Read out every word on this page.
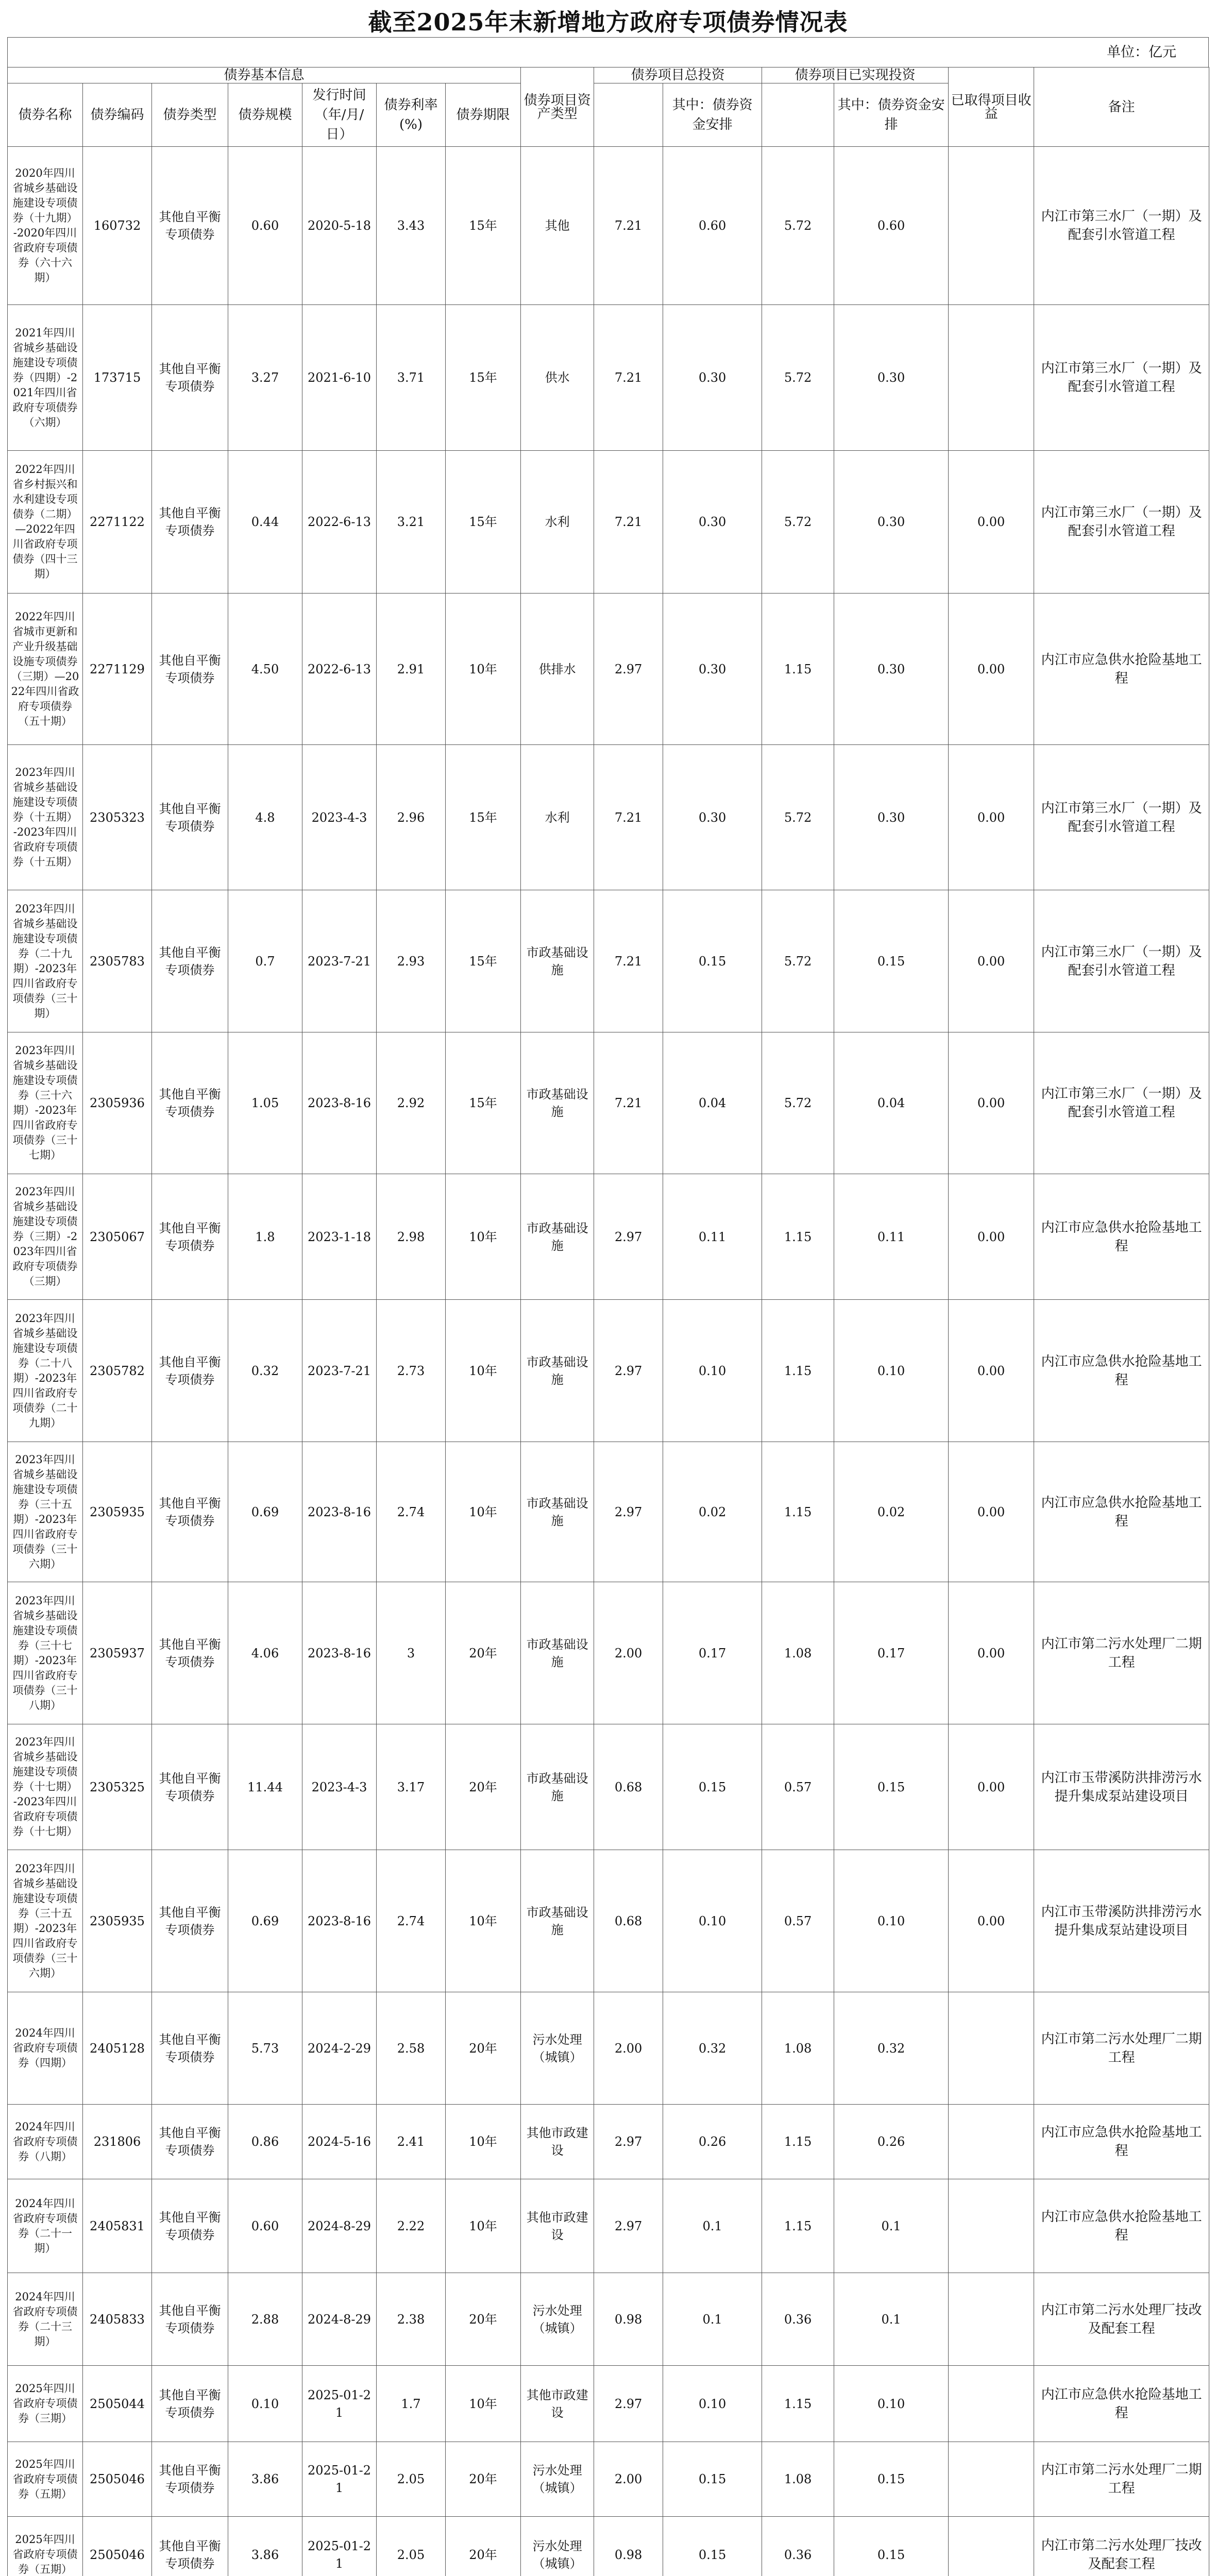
截至2025年末新增地方政府专项债券情况表
单位：亿元
债券基本信息							债券项目资产类型	债券项目总投资		债券项目已实现投资		已取得项目收益	备注
债券名称	债券编码	债券类型	债券规模	发行时间（年/月/日）	债券利率(%)	债券期限			其中：债券资金安排		其中：债券资金安排		
2020年四川省城乡基础设施建设专项债券（十九期）-2020年四川省政府专项债券（六十六期）	160732	其他自平衡专项债券	0.60	2020-5-18	3.43	15年	其他	7.21	0.60	5.72	0.60		内江市第三水厂（一期）及配套引水管道工程
2021年四川省城乡基础设施建设专项债券（四期）-2021年四川省政府专项债券（六期）	173715	其他自平衡专项债券	3.27	2021-6-10	3.71	15年	供水	7.21	0.30	5.72	0.30		内江市第三水厂（一期）及配套引水管道工程
2022年四川省乡村振兴和水利建设专项债券（二期）—2022年四川省政府专项债券（四十三期）	2271122	其他自平衡专项债券	0.44	2022-6-13	3.21	15年	水利	7.21	0.30	5.72	0.30	0.00	内江市第三水厂（一期）及配套引水管道工程
2022年四川省城市更新和产业升级基础设施专项债券（三期）—2022年四川省政府专项债券（五十期）	2271129	其他自平衡专项债券	4.50	2022-6-13	2.91	10年	供排水	2.97	0.30	1.15	0.30	0.00	内江市应急供水抢险基地工程
2023年四川省城乡基础设施建设专项债券（十五期）-2023年四川省政府专项债券（十五期）	2305323	其他自平衡专项债券	4.8	2023-4-3	2.96	15年	水利	7.21	0.30	5.72	0.30	0.00	内江市第三水厂（一期）及配套引水管道工程
2023年四川省城乡基础设施建设专项债券（二十九期）-2023年四川省政府专项债券（三十期）	2305783	其他自平衡专项债券	0.7	2023-7-21	2.93	15年	市政基础设施	7.21	0.15	5.72	0.15	0.00	内江市第三水厂（一期）及配套引水管道工程
2023年四川省城乡基础设施建设专项债券（三十六期）-2023年四川省政府专项债券（三十七期）	2305936	其他自平衡专项债券	1.05	2023-8-16	2.92	15年	市政基础设施	7.21	0.04	5.72	0.04	0.00	内江市第三水厂（一期）及配套引水管道工程
2023年四川省城乡基础设施建设专项债券（三期）-2023年四川省政府专项债券（三期）	2305067	其他自平衡专项债券	1.8	2023-1-18	2.98	10年	市政基础设施	2.97	0.11	1.15	0.11	0.00	内江市应急供水抢险基地工程
2023年四川省城乡基础设施建设专项债券（二十八期）-2023年四川省政府专项债券（二十九期）	2305782	其他自平衡专项债券	0.32	2023-7-21	2.73	10年	市政基础设施	2.97	0.10	1.15	0.10	0.00	内江市应急供水抢险基地工程
2023年四川省城乡基础设施建设专项债券（三十五期）-2023年四川省政府专项债券（三十六期）	2305935	其他自平衡专项债券	0.69	2023-8-16	2.74	10年	市政基础设施	2.97	0.02	1.15	0.02	0.00	内江市应急供水抢险基地工程
2023年四川省城乡基础设施建设专项债券（三十七期）-2023年四川省政府专项债券（三十八期）	2305937	其他自平衡专项债券	4.06	2023-8-16	3	20年	市政基础设施	2.00	0.17	1.08	0.17	0.00	内江市第二污水处理厂二期工程
2023年四川省城乡基础设施建设专项债券（十七期）-2023年四川省政府专项债券（十七期）	2305325	其他自平衡专项债券	11.44	2023-4-3	3.17	20年	市政基础设施	0.68	0.15	0.57	0.15	0.00	内江市玉带溪防洪排涝污水提升集成泵站建设项目
2023年四川省城乡基础设施建设专项债券（三十五期）-2023年四川省政府专项债券（三十六期）	2305935	其他自平衡专项债券	0.69	2023-8-16	2.74	10年	市政基础设施	0.68	0.10	0.57	0.10	0.00	内江市玉带溪防洪排涝污水提升集成泵站建设项目
2024年四川省政府专项债券（四期）	2405128	其他自平衡专项债券	5.73	2024-2-29	2.58	20年	污水处理（城镇）	2.00	0.32	1.08	0.32		内江市第二污水处理厂二期工程
2024年四川省政府专项债券（八期）	231806	其他自平衡专项债券	0.86	2024-5-16	2.41	10年	其他市政建设	2.97	0.26	1.15	0.26		内江市应急供水抢险基地工程
2024年四川省政府专项债券（二十一期）	2405831	其他自平衡专项债券	0.60	2024-8-29	2.22	10年	其他市政建设	2.97	0.1	1.15	0.1		内江市应急供水抢险基地工程
2024年四川省政府专项债券（二十三期）	2405833	其他自平衡专项债券	2.88	2024-8-29	2.38	20年	污水处理（城镇）	0.98	0.1	0.36	0.1		内江市第二污水处理厂技改及配套工程
2025年四川省政府专项债券（三期）	2505044	其他自平衡专项债券	0.10	2025-01-21	1.7	10年	其他市政建设	2.97	0.10	1.15	0.10		内江市应急供水抢险基地工程
2025年四川省政府专项债券（五期）	2505046	其他自平衡专项债券	3.86	2025-01-21	2.05	20年	污水处理（城镇）	2.00	0.15	1.08	0.15		内江市第二污水处理厂二期工程
2025年四川省政府专项债券（五期）	2505046	其他自平衡专项债券	3.86	2025-01-21	2.05	20年	污水处理（城镇）	0.98	0.15	0.36	0.15		内江市第二污水处理厂技改及配套工程
